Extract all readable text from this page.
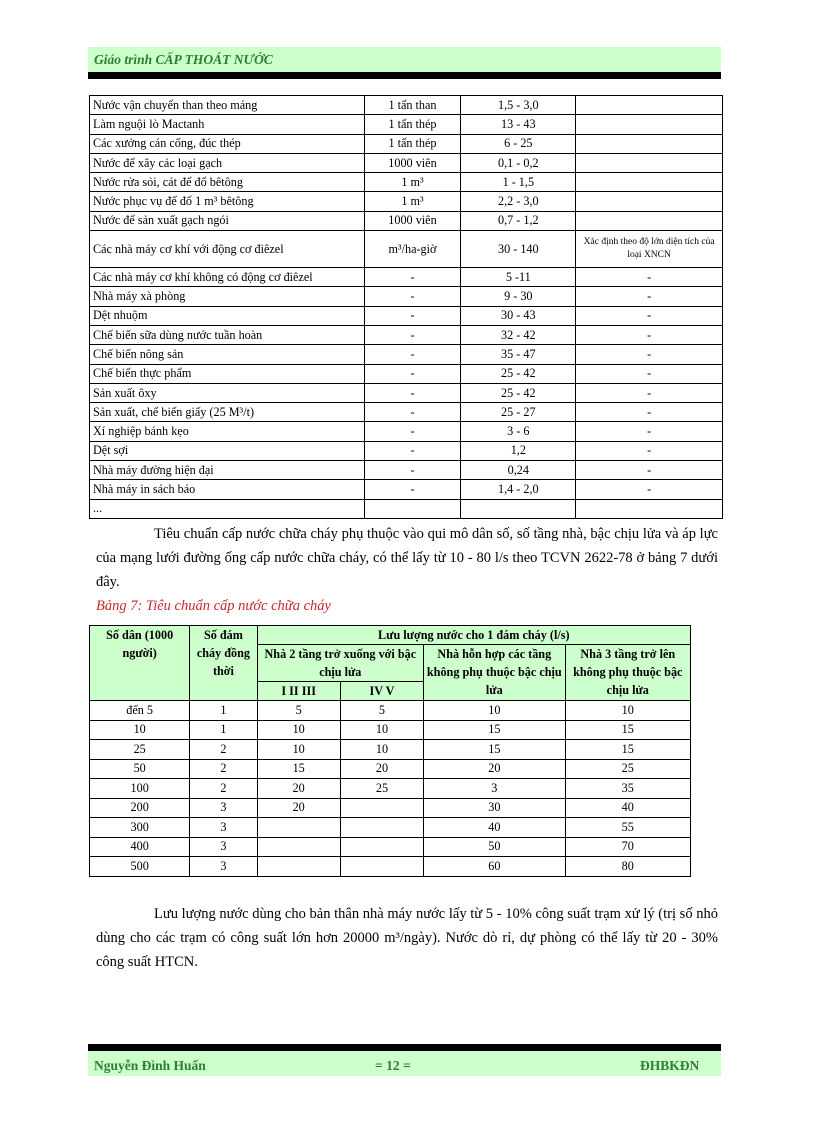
Giáo trình CẤP THOÁT NƯỚC
Nước vận chuyển than theo máng	1 tấn than	1,5 - 3,0	
Làm nguội lò Mactanh	1 tấn thép	13 - 43	
Các xưởng cán cống, đúc thép	1 tấn thép	6 - 25	
Nước để xây các loại gạch	1000 viên	0,1 - 0,2	
Nước rửa sỏi, cát để đổ bêtông	1 m³	1 - 1,5	
Nước phục vụ để đổ 1 m³ bêtông	1 m³	2,2 - 3,0	
Nước để sản xuất gạch ngói	1000 viên	0,7 - 1,2	
Các nhà máy cơ khí với động cơ điêzel	m³/ha-giờ	30 - 140	Xác định theo độ lớn diện tích của loại XNCN
Các nhà máy cơ khí không có động cơ điêzel	-	5 -11	-
Nhà máy xà phòng	-	9 - 30	-
Dệt nhuộm	-	30 - 43	-
Chế biến sữa dùng nước tuần hoàn	-	32 - 42	-
Chế biến nông sản	-	35 - 47	-
Chế biến thực phẩm	-	25 - 42	-
Sản xuất ôxy	-	25 - 42	-
Sản xuất, chế biến giấy (25 M³/t)	-	25 - 27	-
Xí nghiệp bánh kẹo	-	3 - 6	-
Dệt sợi	-	1,2	-
Nhà máy đường hiện đại	-	0,24	-
Nhà máy in sách báo	-	1,4 - 2,0	-
...			
Tiêu chuẩn cấp nước chữa cháy phụ thuộc vào qui mô dân số, số tầng nhà, bậc chịu lửa và áp lực của mạng lưới đường ống cấp nước chữa cháy, có thể lấy từ 10 - 80 l/s theo TCVN 2622-78 ở bảng 7 dưới đây.
Bảng 7: Tiêu chuẩn cấp nước chữa cháy
Số dân (1000 người)	Số đám cháy đồng thời	Lưu lượng nước cho 1 đám cháy (l/s)			
		Nhà 2 tầng trở xuống với bậc chịu lửa		Nhà hỗn hợp các tầng không phụ thuộc bậc chịu lửa	Nhà 3 tầng trở lên không phụ thuộc bậc chịu lửa
		I II III	IV V		
đến 5	1	5	5	10	10
10	1	10	10	15	15
25	2	10	10	15	15
50	2	15	20	20	25
100	2	20	25	3	35
200	3	20		30	40
300	3			40	55
400	3			50	70
500	3			60	80
Lưu lượng nước dùng cho bản thân nhà máy nước lấy từ 5 - 10% công suất trạm xử lý (trị số nhỏ dùng cho các trạm có công suất lớn hơn 20000 m³/ngày). Nước dò rỉ, dự phòng có thể lấy từ 20 - 30% công suất HTCN.
Nguyễn Đình Huấn	= 12 =	ĐHBKĐN
